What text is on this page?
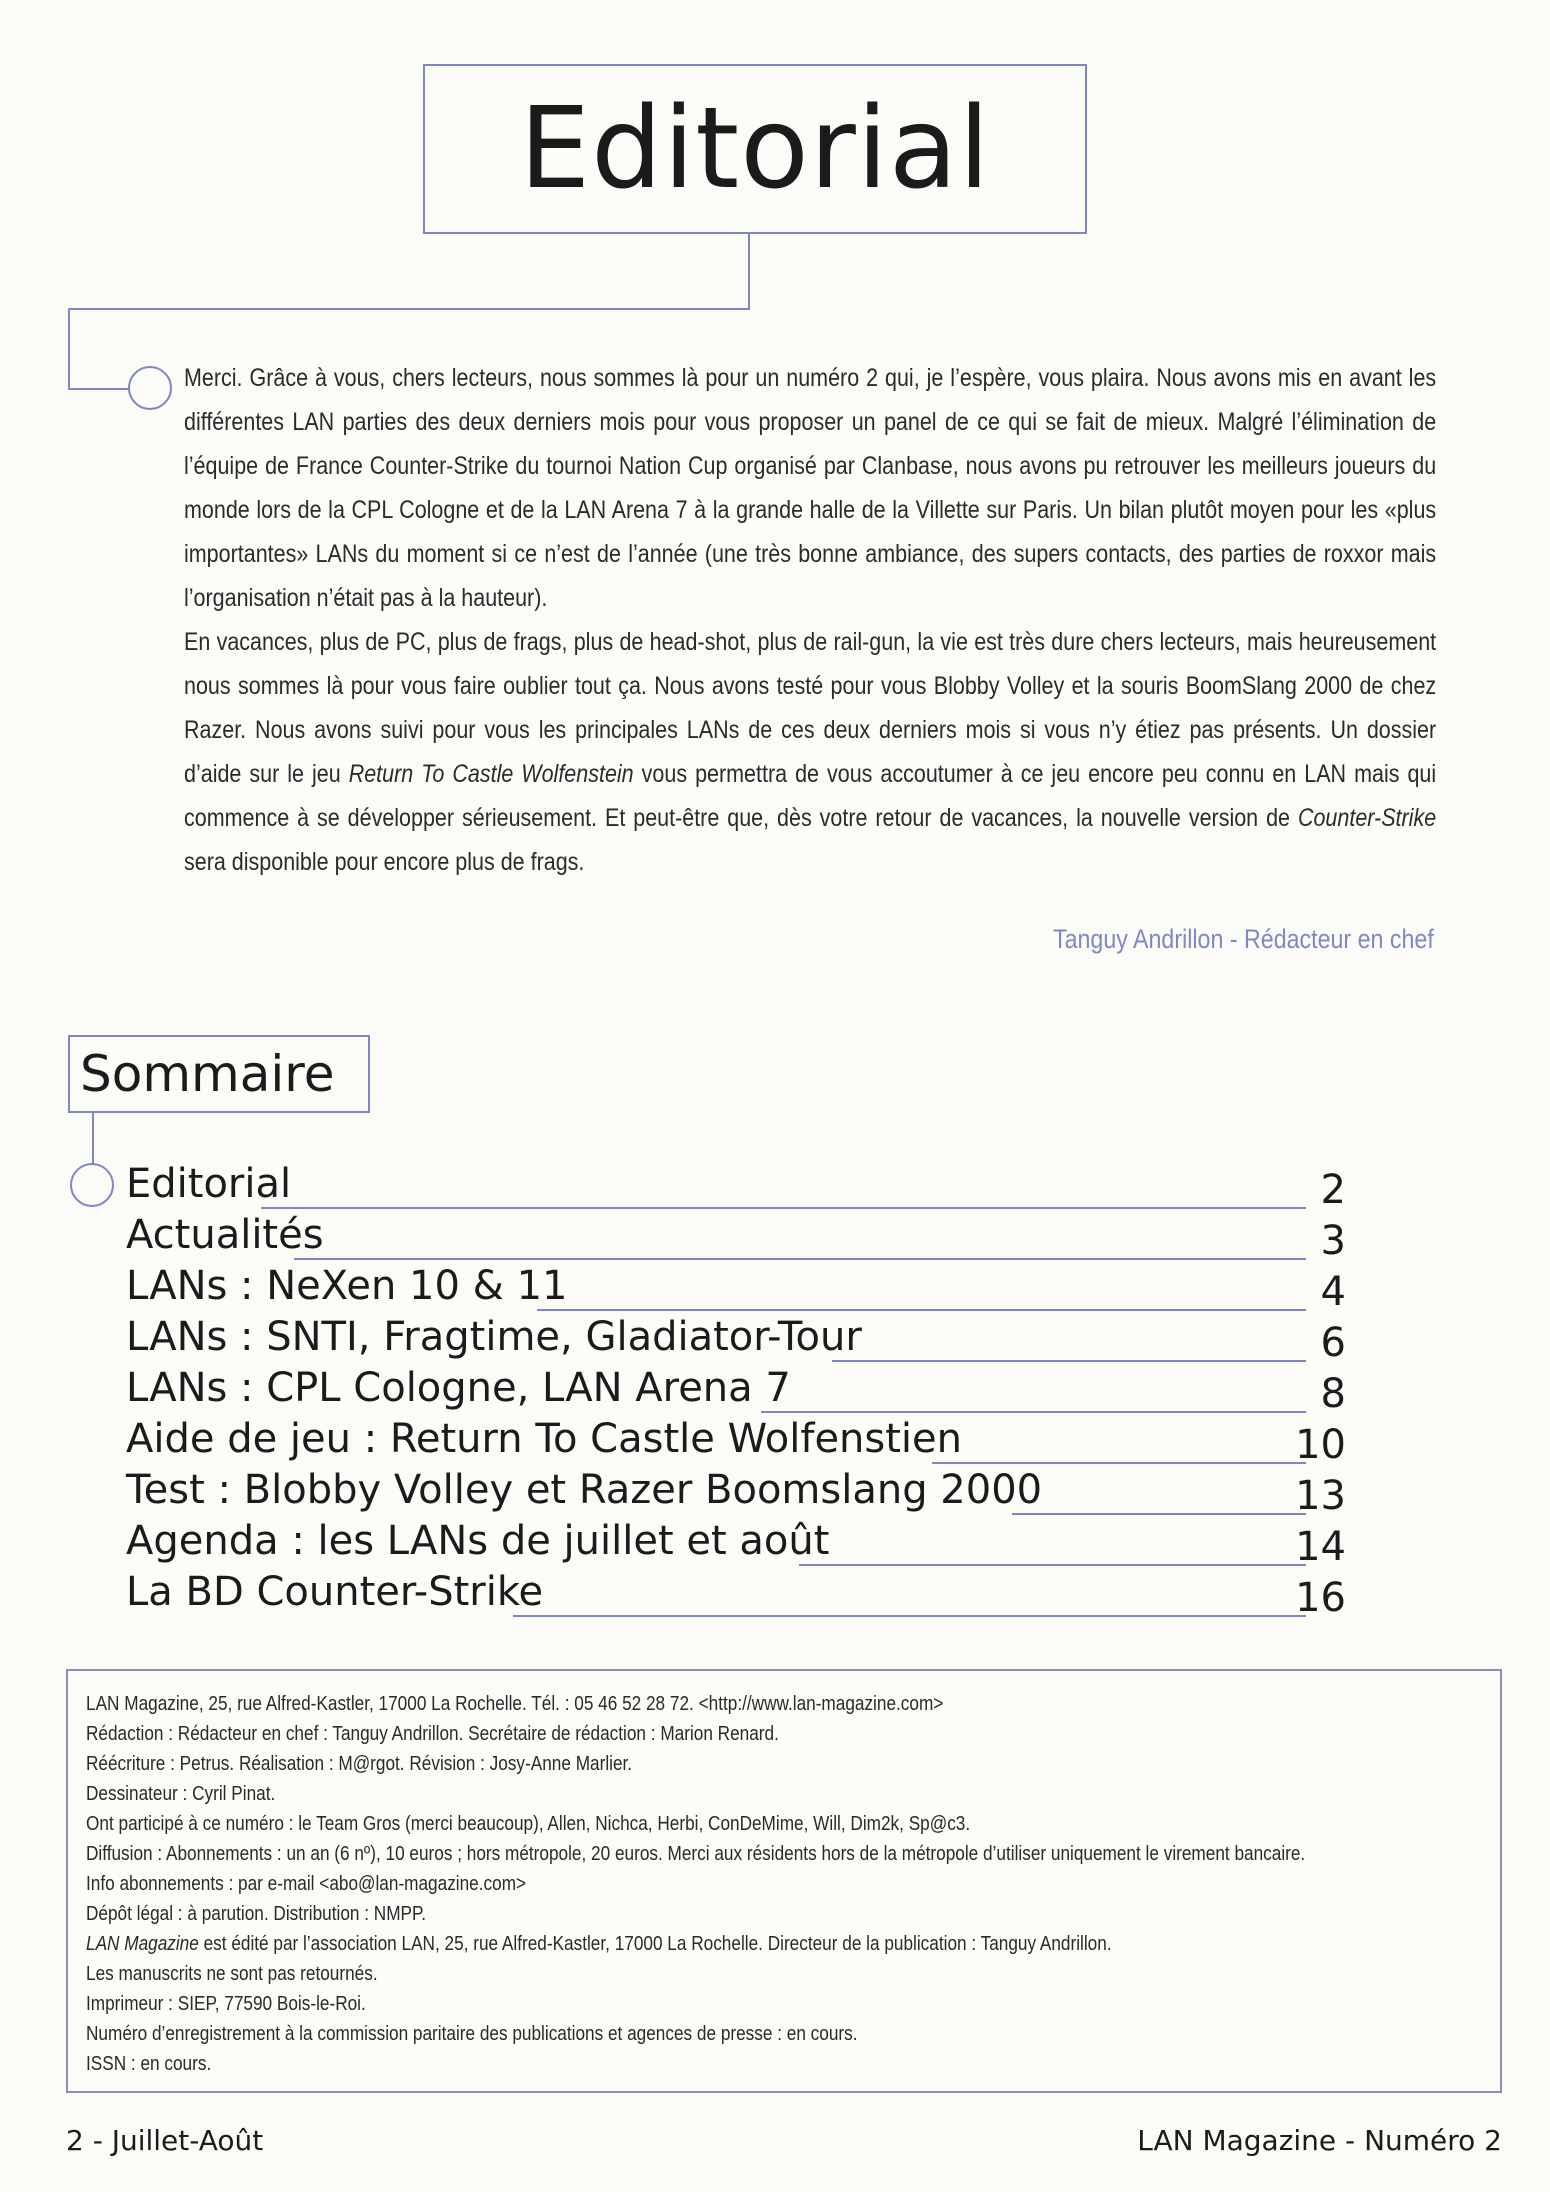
Editorial

Merci. Grâce à vous, chers lecteurs, nous sommes là pour un numéro 2 qui, je l’espère, vous plaira. Nous avons mis en avant les différentes LAN parties des deux derniers mois pour vous proposer un panel de ce qui se fait de mieux. Malgré l’élimination de l’équipe de France Counter-Strike du tournoi Nation Cup organisé par Clanbase, nous avons pu retrouver les meilleurs joueurs du monde lors de la CPL Cologne et de la LAN Arena 7 à la grande halle de la Villette sur Paris. Un bilan plutôt moyen pour les «plus importantes» LANs du moment si ce n’est de l’année (une très bonne ambiance, des supers contacts, des parties de roxxor mais l’organisation n’était pas à la hauteur).

En vacances, plus de PC, plus de frags, plus de head-shot, plus de rail-gun, la vie est très dure chers lecteurs, mais heureusement nous sommes là pour vous faire oublier tout ça. Nous avons testé pour vous Blobby Volley et la souris BoomSlang 2000 de chez Razer. Nous avons suivi pour vous les principales LANs de ces deux derniers mois si vous n’y étiez pas présents. Un dossier d’aide sur le jeu Return To Castle Wolfenstein vous permettra de vous accoutumer à ce jeu encore peu connu en LAN mais qui commence à se développer sérieusement. Et peut-être que, dès votre retour de vacances, la nouvelle version de Counter-Strike sera disponible pour encore plus de frags.

Tanguy Andrillon - Rédacteur en chef
Sommaire
Editorial	2
Actualités	3
LANs : NeXen 10 & 11	4
LANs : SNTI, Fragtime, Gladiator-Tour	6
LANs : CPL Cologne, LAN Arena 7	8
Aide de jeu : Return To Castle Wolfenstien	10
Test : Blobby Volley et Razer Boomslang 2000	13
Agenda : les LANs de juillet et août	14
La BD Counter-Strike	16
LAN Magazine, 25, rue Alfred-Kastler, 17000 La Rochelle. Tél. : 05 46 52 28 72. <http://www.lan-magazine.com>
Rédaction : Rédacteur en chef : Tanguy Andrillon. Secrétaire de rédaction : Marion Renard.
Réécriture : Petrus. Réalisation : M@rgot. Révision : Josy-Anne Marlier.
Dessinateur : Cyril Pinat.
Ont participé à ce numéro : le Team Gros (merci beaucoup), Allen, Nichca, Herbi, ConDeMime, Will, Dim2k, Sp@c3.
Diffusion : Abonnements : un an (6 nº), 10 euros ; hors métropole, 20 euros. Merci aux résidents hors de la métropole d’utiliser uniquement le virement bancaire.
Info abonnements : par e-mail <abo@lan-magazine.com>
Dépôt légal : à parution. Distribution : NMPP.
LAN Magazine est édité par l’association LAN, 25, rue Alfred-Kastler, 17000 La Rochelle. Directeur de la publication : Tanguy Andrillon.
Les manuscrits ne sont pas retournés.
Imprimeur : SIEP, 77590 Bois-le-Roi.
Numéro d’enregistrement à la commission paritaire des publications et agences de presse : en cours.
ISSN : en cours.
2 - Juillet-Août	LAN Magazine - Numéro 2
